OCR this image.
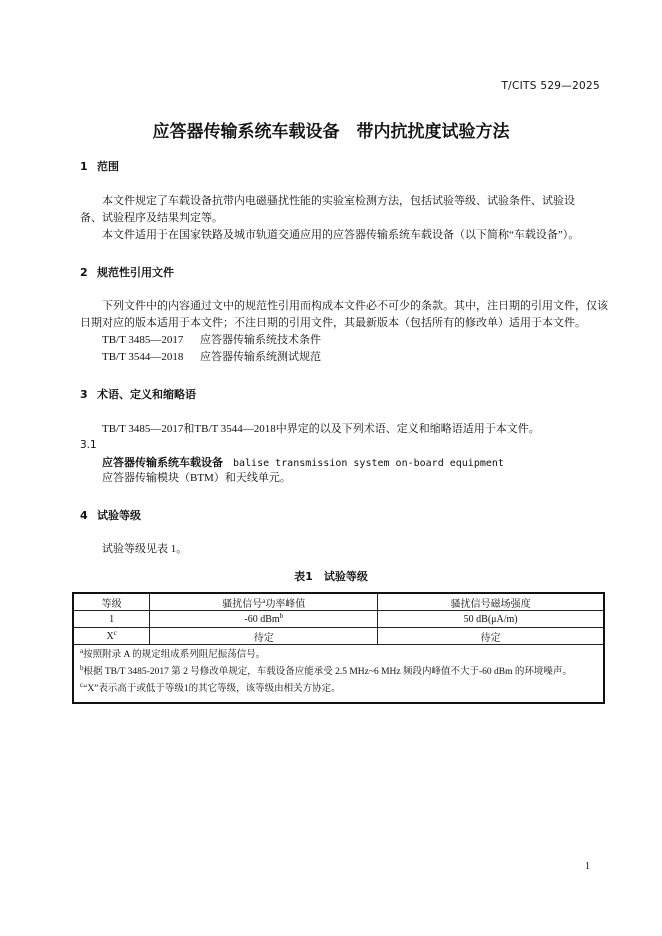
T/CITS 529—2025
应答器传输系统车载设备　带内抗扰度试验方法
1 范围
本文件规定了车载设备抗带内电磁骚扰性能的实验室检测方法，包括试验等级、试验条件、试验设
备、试验程序及结果判定等。
本文件适用于在国家铁路及城市轨道交通应用的应答器传输系统车载设备（以下简称“车载设备”）。
2 规范性引用文件
下列文件中的内容通过文中的规范性引用而构成本文件必不可少的条款。其中，注日期的引用文件，仅该
日期对应的版本适用于本文件；不注日期的引用文件，其最新版本（包括所有的修改单）适用于本文件。
TB/T 3485—2017 应答器传输系统技术条件
TB/T 3544—2018 应答器传输系统测试规范
3 术语、定义和缩略语
TB/T 3485—2017和TB/T 3544—2018中界定的以及下列术语、定义和缩略语适用于本文件。
3.1
应答器传输系统车载设备 balise transmission system on-board equipment
应答器传输模块（BTM）和天线单元。
4 试验等级
试验等级见表 1。
表1　试验等级
等级	骚扰信号$^a$功率峰值	骚扰信号磁场强度
1	-60 dBm$^b$	50 dB(μA/m)
$X^c$	待定	待定

$^a$按照附录 A 的规定组成系列阻尼振荡信号。
$^b$根据 TB/T 3485-2017 第 2 号修改单规定，车载设备应能承受 2.5 MHz~6 MHz 频段内峰值不大于-60 dBm 的环境噪声。
$^c$“X”表示高于或低于等级1的其它等级，该等级由相关方协定。		
1
